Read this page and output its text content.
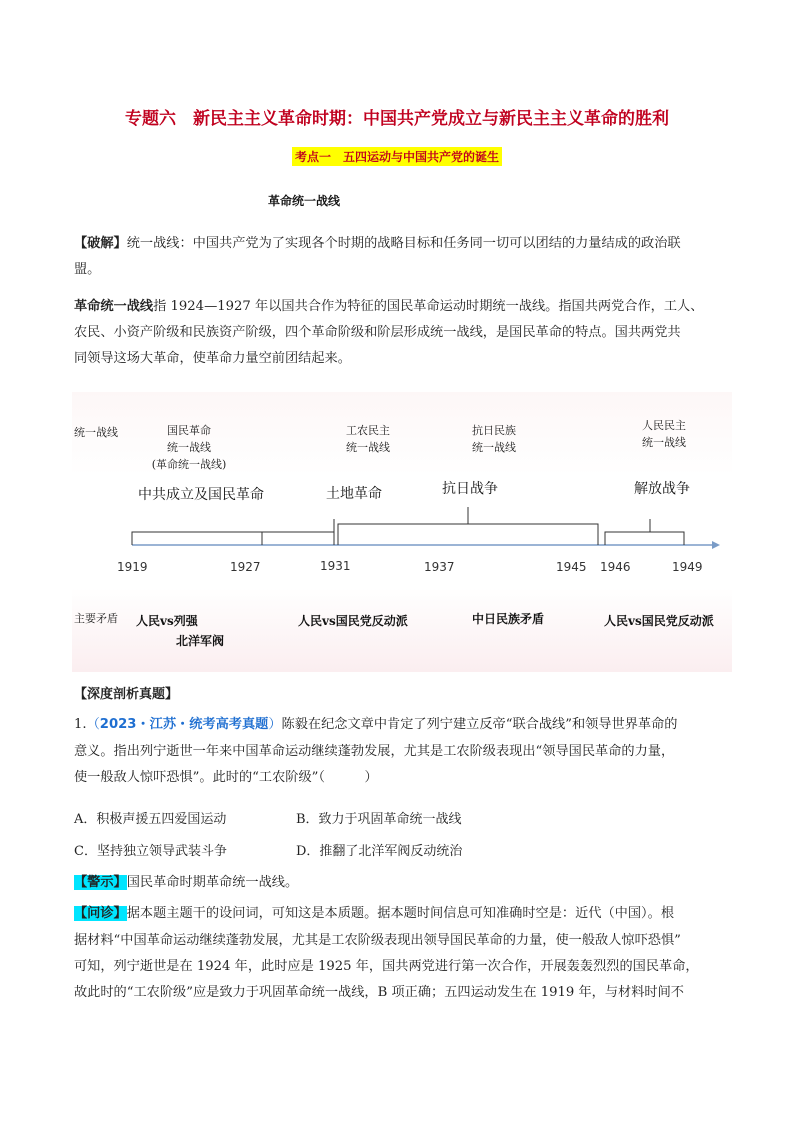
专题六　新民主主义革命时期：中国共产党成立与新民主主义革命的胜利
考点一　五四运动与中国共产党的诞生
革命统一战线
【破解】统一战线：中国共产党为了实现各个时期的战略目标和任务同一切可以团结的力量结成的政治联
盟。
革命统一战线指 1924—1927 年以国共合作为特征的国民革命运动时期统一战线。指国共两党合作，工人、
农民、小资产阶级和民族资产阶级，四个革命阶级和阶层形成统一战线，是国民革命的特点。国共两党共
同领导这场大革命，使革命力量空前团结起来。
统一战线
主要矛盾
国民革命
统一战线
(革命统一战线)
工农民主
统一战线
抗日民族
统一战线
人民民主
统一战线
中共成立及国民革命	土地革命	抗日战争	解放战争
1919	1927	1931	1937	1945 1946	1949
人民vs列强
北洋军阀
人民vs国民党反动派	中日民族矛盾	人民vs国民党反动派
【深度剖析真题】
1.（2023・江苏・统考高考真题）陈毅在纪念文章中肯定了列宁建立反帝“联合战线”和领导世界革命的
意义。指出列宁逝世一年来中国革命运动继续蓬勃发展，尤其是工农阶级表现出“领导国民革命的力量，
使一般敌人惊吓恐惧”。此时的“工农阶级”（　　　）
A．积极声援五四爱国运动	B．致力于巩固革命统一战线
C．坚持独立领导武装斗争	D．推翻了北洋军阀反动统治
【警示】国民革命时期革命统一战线。
【问诊】据本题主题干的设问词，可知这是本质题。据本题时间信息可知准确时空是：近代（中国）。根
据材料“中国革命运动继续蓬勃发展，尤其是工农阶级表现出领导国民革命的力量，使一般敌人惊吓恐惧”
可知，列宁逝世是在 1924 年，此时应是 1925 年，国共两党进行第一次合作，开展轰轰烈烈的国民革命，
故此时的“工农阶级”应是致力于巩固革命统一战线，B 项正确；五四运动发生在 1919 年，与材料时间不
